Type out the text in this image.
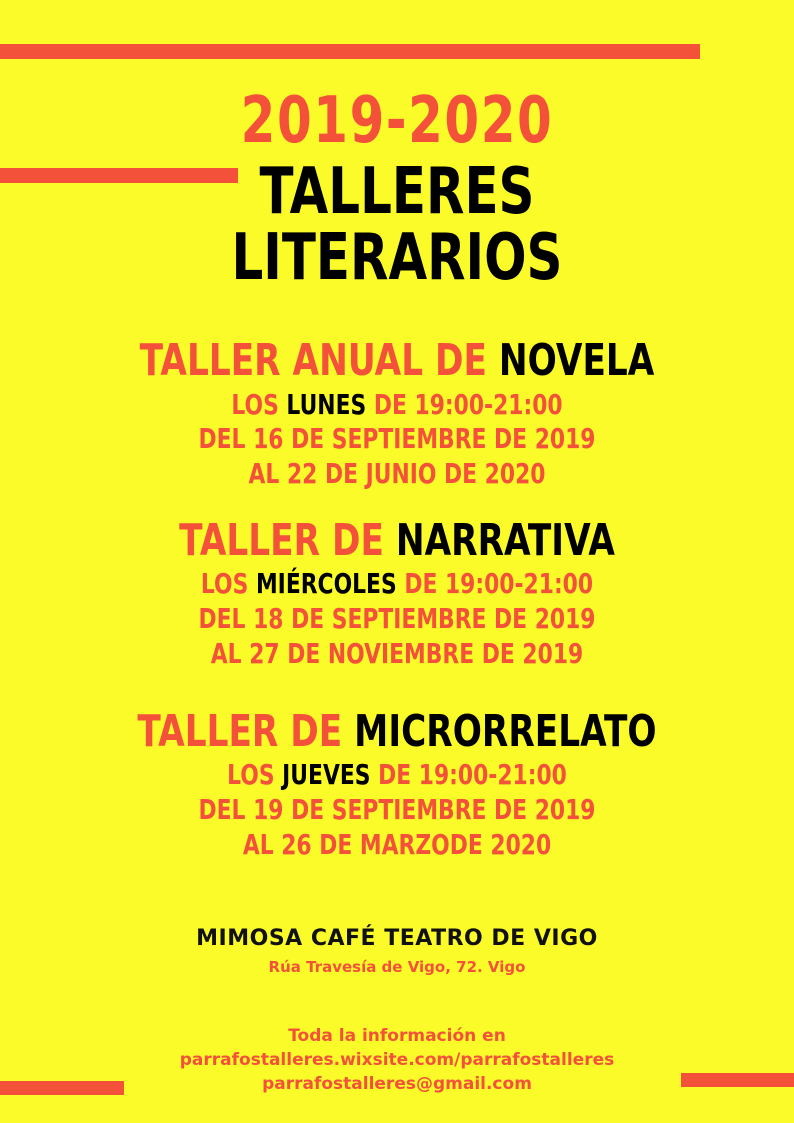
2019-2020
TALLERES
LITERARIOS
TALLER ANUAL DE NOVELA
LOS LUNES DE 19:00-21:00
DEL 16 DE SEPTIEMBRE DE 2019
AL 22 DE JUNIO DE 2020
TALLER DE NARRATIVA
LOS MIÉRCOLES DE 19:00-21:00
DEL 18 DE SEPTIEMBRE DE 2019
AL 27 DE NOVIEMBRE DE 2019
TALLER DE MICRORRELATO
LOS JUEVES DE 19:00-21:00
DEL 19 DE SEPTIEMBRE DE 2019
AL 26 DE MARZODE 2020
MIMOSA CAFÉ TEATRO DE VIGO
Rúa Travesía de Vigo, 72. Vigo
Toda la información en
parrafostalleres.wixsite.com/parrafostalleres
parrafostalleres@gmail.com
